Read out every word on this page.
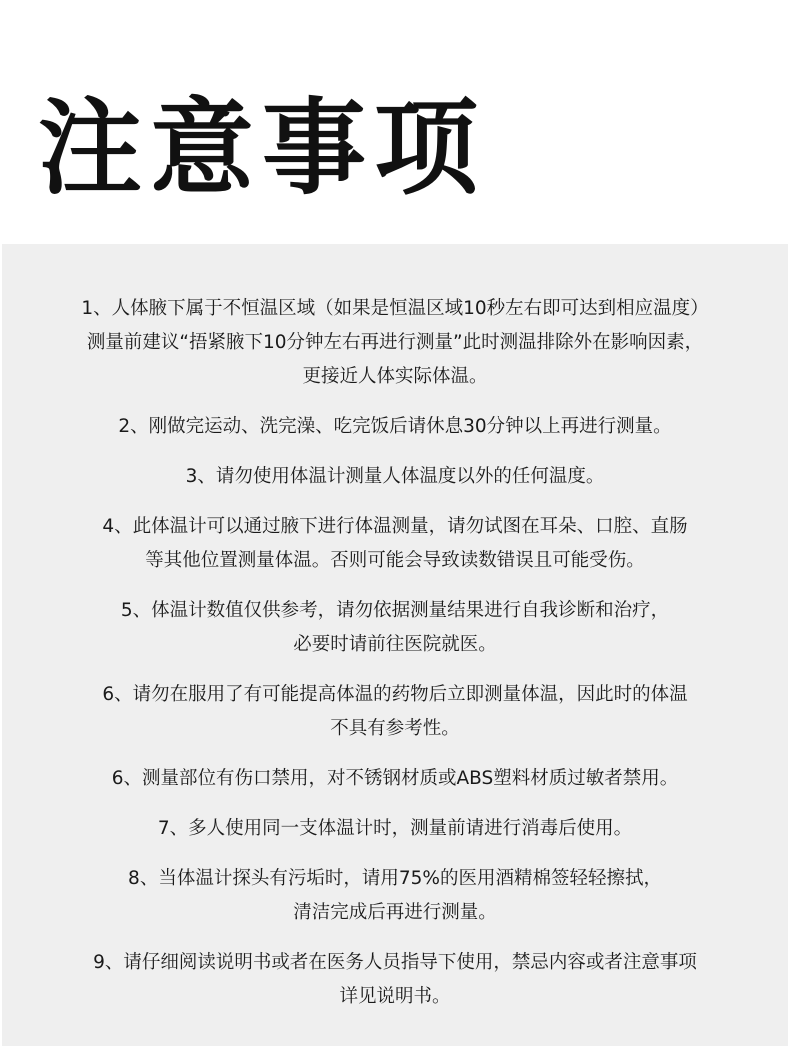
注意事项
1、人体腋下属于不恒温区域（如果是恒温区域10秒左右即可达到相应温度）
测量前建议“捂紧腋下10分钟左右再进行测量”此时测温排除外在影响因素，
更接近人体实际体温。
2、刚做完运动、洗完澡、吃完饭后请休息30分钟以上再进行测量。
3、请勿使用体温计测量人体温度以外的任何温度。
4、此体温计可以通过腋下进行体温测量，请勿试图在耳朵、口腔、直肠
等其他位置测量体温。否则可能会导致读数错误且可能受伤。
5、体温计数值仅供参考，请勿依据测量结果进行自我诊断和治疗，
必要时请前往医院就医。
6、请勿在服用了有可能提高体温的药物后立即测量体温，因此时的体温
不具有参考性。
6、测量部位有伤口禁用，对不锈钢材质或ABS塑料材质过敏者禁用。
7、多人使用同一支体温计时，测量前请进行消毒后使用。
8、当体温计探头有污垢时，请用75%的医用酒精棉签轻轻擦拭，
清洁完成后再进行测量。
9、请仔细阅读说明书或者在医务人员指导下使用，禁忌内容或者注意事项
详见说明书。
